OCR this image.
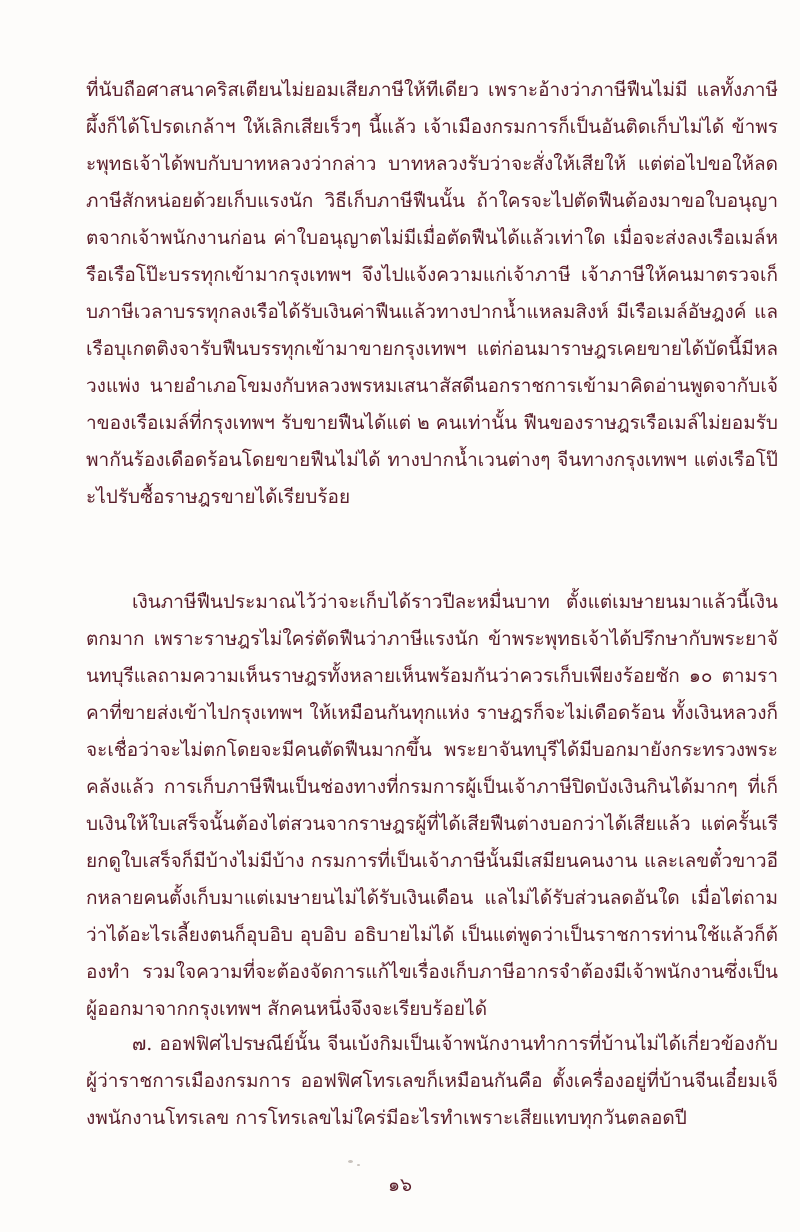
ที่นับถือศาสนาคริสเตียนไม่ยอมเสียภาษีให้ทีเดียว เพราะอ้างว่าภาษีฟืนไม่มี แลทั้งภาษีผึ้งก็ได้โปรดเกล้าฯ ให้เลิกเสียเร็วๆ นี้แล้ว เจ้าเมืองกรมการก็เป็นอันติดเก็บไม่ได้ ข้าพระพุทธเจ้าได้พบกับบาทหลวงว่ากล่าว บาทหลวงรับว่าจะสั่งให้เสียให้ แต่ต่อไปขอให้ลดภาษีสักหน่อยด้วยเก็บแรงนัก วิธีเก็บภาษีฟืนนั้น ถ้าใครจะไปตัดฟืนต้องมาขอใบอนุญาตจากเจ้าพนักงานก่อน ค่าใบอนุญาตไม่มีเมื่อตัดฟืนได้แล้วเท่าใด เมื่อจะส่งลงเรือเมล์หรือเรือโป๊ะบรรทุกเข้ามากรุงเทพฯ จึงไปแจ้งความแก่เจ้าภาษี เจ้าภาษีให้คนมาตรวจเก็บภาษีเวลาบรรทุกลงเรือได้รับเงินค่าฟืนแล้วทางปากน้ำแหลมสิงห์ มีเรือเมล์อัษฎงค์ แลเรือบุเกตติงจารับฟืนบรรทุกเข้ามาขายกรุงเทพฯ แต่ก่อนมาราษฎรเคยขายได้บัดนี้มีหลวงแพ่ง นายอำเภอโขมงกับหลวงพรหมเสนาสัสดีนอกราชการเข้ามาคิดอ่านพูดจากับเจ้าของเรือเมล์ที่กรุงเทพฯ รับขายฟืนได้แต่ ๒ คนเท่านั้น ฟืนของราษฎรเรือเมล์ไม่ยอมรับพากันร้องเดือดร้อนโดยขายฟืนไม่ได้ ทางปากน้ำเวนต่างๆ จีนทางกรุงเทพฯ แต่งเรือโป๊ะไปรับซื้อราษฎรขายได้เรียบร้อย

เงินภาษีฟืนประมาณไว้ว่าจะเก็บได้ราวปีละหมื่นบาท ตั้งแต่เมษายนมาแล้วนี้เงินตกมาก เพราะราษฎรไม่ใคร่ตัดฟืนว่าภาษีแรงนัก ข้าพระพุทธเจ้าได้ปรึกษากับพระยาจันทบุรีแลถามความเห็นราษฎรทั้งหลายเห็นพร้อมกันว่าควรเก็บเพียงร้อยชัก ๑๐ ตามราคาที่ขายส่งเข้าไปกรุงเทพฯ ให้เหมือนกันทุกแห่ง ราษฎรก็จะไม่เดือดร้อน ทั้งเงินหลวงก็จะเชื่อว่าจะไม่ตกโดยจะมีคนตัดฟืนมากขึ้น พระยาจันทบุรีได้มีบอกมายังกระทรวงพระคลังแล้ว การเก็บภาษีฟืนเป็นช่องทางที่กรมการผู้เป็นเจ้าภาษีปิดบังเงินกินได้มากๆ ที่เก็บเงินให้ใบเสร็จนั้นต้องไต่สวนจากราษฎรผู้ที่ได้เสียฟืนต่างบอกว่าได้เสียแล้ว แต่ครั้นเรียกดูใบเสร็จก็มีบ้างไม่มีบ้าง กรมการที่เป็นเจ้าภาษีนั้นมีเสมียนคนงาน และเลขตั๋วขาวอีกหลายคนตั้งเก็บมาแต่เมษายนไม่ได้รับเงินเดือน แลไม่ได้รับส่วนลดอันใด เมื่อไต่ถามว่าได้อะไรเลี้ยงตนก็อุบอิบ อุบอิบ อธิบายไม่ได้ เป็นแต่พูดว่าเป็นราชการท่านใช้แล้วก็ต้องทำ รวมใจความที่จะต้องจัดการแก้ไขเรื่องเก็บภาษีอากรจำต้องมีเจ้าพนักงานซึ่งเป็นผู้ออกมาจากกรุงเทพฯ สักคนหนึ่งจึงจะเรียบร้อยได้

๗. ออฟฟิศไปรษณีย์นั้น จีนเบ้งกิมเป็นเจ้าพนักงานทำการที่บ้านไม่ได้เกี่ยวข้องกับผู้ว่าราชการเมืองกรมการ ออฟฟิศโทรเลขก็เหมือนกันคือ ตั้งเครื่องอยู่ที่บ้านจีนเอี๋ยมเจ็งพนักงานโทรเลข การโทรเลขไม่ใคร่มีอะไรทำเพราะเสียแทบทุกวันตลอดปี

๑๖
